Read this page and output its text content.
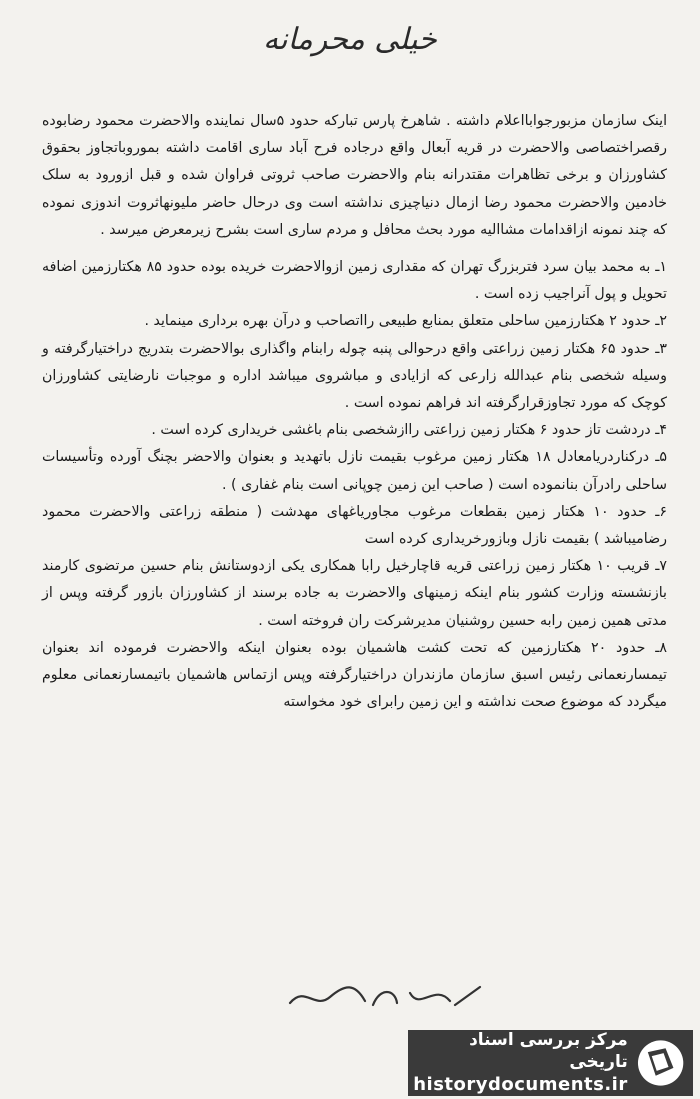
خیلی محرمانه

اینک سازمان مزبورجوابااعلام داشته . شاهرخ پارس تبارکه حدود ۵سال نماینده والاحضرت محمود رضابوده رقصراختصاصی والاحضرت در قریه آبعال واقع درجاده فرح آباد ساری اقامت داشته بموروباتجاوز بحقوق کشاورزان و برخی تظاهرات مقتدرانه بنام والاحضرت صاحب ثروتی فراوان شده و قبل ازورود به سلک خادمین والاحضرت محمود رضا ازمال دنیاچیزی نداشته است وی درحال حاضر ملیونهاثروت اندوزی نموده که چند نمونه ازاقدامات مشاالیه مورد بحث محافل و مردم ساری است بشرح زیرمعرض میرسد .

۱ـ به محمد بیان سرد فتربزرگ تهران که مقداری زمین ازوالاحضرت خریده بوده حدود ۸۵ هکتارزمین اضافه تحویل و پول آنراجیب زده است .

۲ـ حدود ۲ هکتارزمین ساحلی متعلق بمنابع طبیعی رااتصاحب و درآن بهره برداری مینماید .

۳ـ حدود ۶۵ هکتار زمین زراعتی واقع درحوالی پنبه چوله رابنام واگذاری بوالاحضرت بتدریج دراختیارگرفته و وسیله شخصی بنام عبدالله زارعی که ازایادی و مباشروی میباشد اداره و موجبات نارضایتی کشاورزان کوچک که مورد تجاوزقرارگرفته اند فراهم نموده است .

۴ـ دردشت تاز حدود ۶ هکتار زمین زراعتی راازشخصی بنام باغشی خریداری کرده است .

۵ـ درکناردریامعادل ۱۸ هکتار زمین مرغوب بقیمت نازل باتهدید و بعنوان والاحضر بچنگ آورده وتأسیسات ساحلی رادرآن بنانموده است ( صاحب این زمین چوپانی است بنام غفاری ) .

۶ـ حدود ۱۰ هکتار زمین بقطعات مرغوب مجاوریاغهای مهدشت ( منطقه زراعتی والاحضرت محمود رضامیباشد ) بقیمت نازل وبازورخریداری کرده است

۷ـ قریب ۱۰ هکتار زمین زراعتی قریه قاچارخیل رابا همکاری یکی ازدوستانش بنام حسین مرتضوی کارمند بازنشسته وزارت کشور بنام اینکه زمینهای والاحضرت به جاده برسند از کشاورزان بازور گرفته وپس از مدتی همین زمین رابه حسین روشنیان مدیرشرکت ران فروخته است .

۸ـ حدود ۲۰ هکتارزمین که تحت کشت هاشمیان بوده بعنوان اینکه والاحضرت فرموده اند بعنوان تیمسارنعمانی رئیس اسبق سازمان مازندران دراختیارگرفته وپس ازتماس هاشمیان باتیمسارنعمانی معلوم میگردد که موضوع صحت نداشته و این زمین رابرای خود مخواسته

مرکز بررسی اسناد تاریخی
historydocuments.ir
